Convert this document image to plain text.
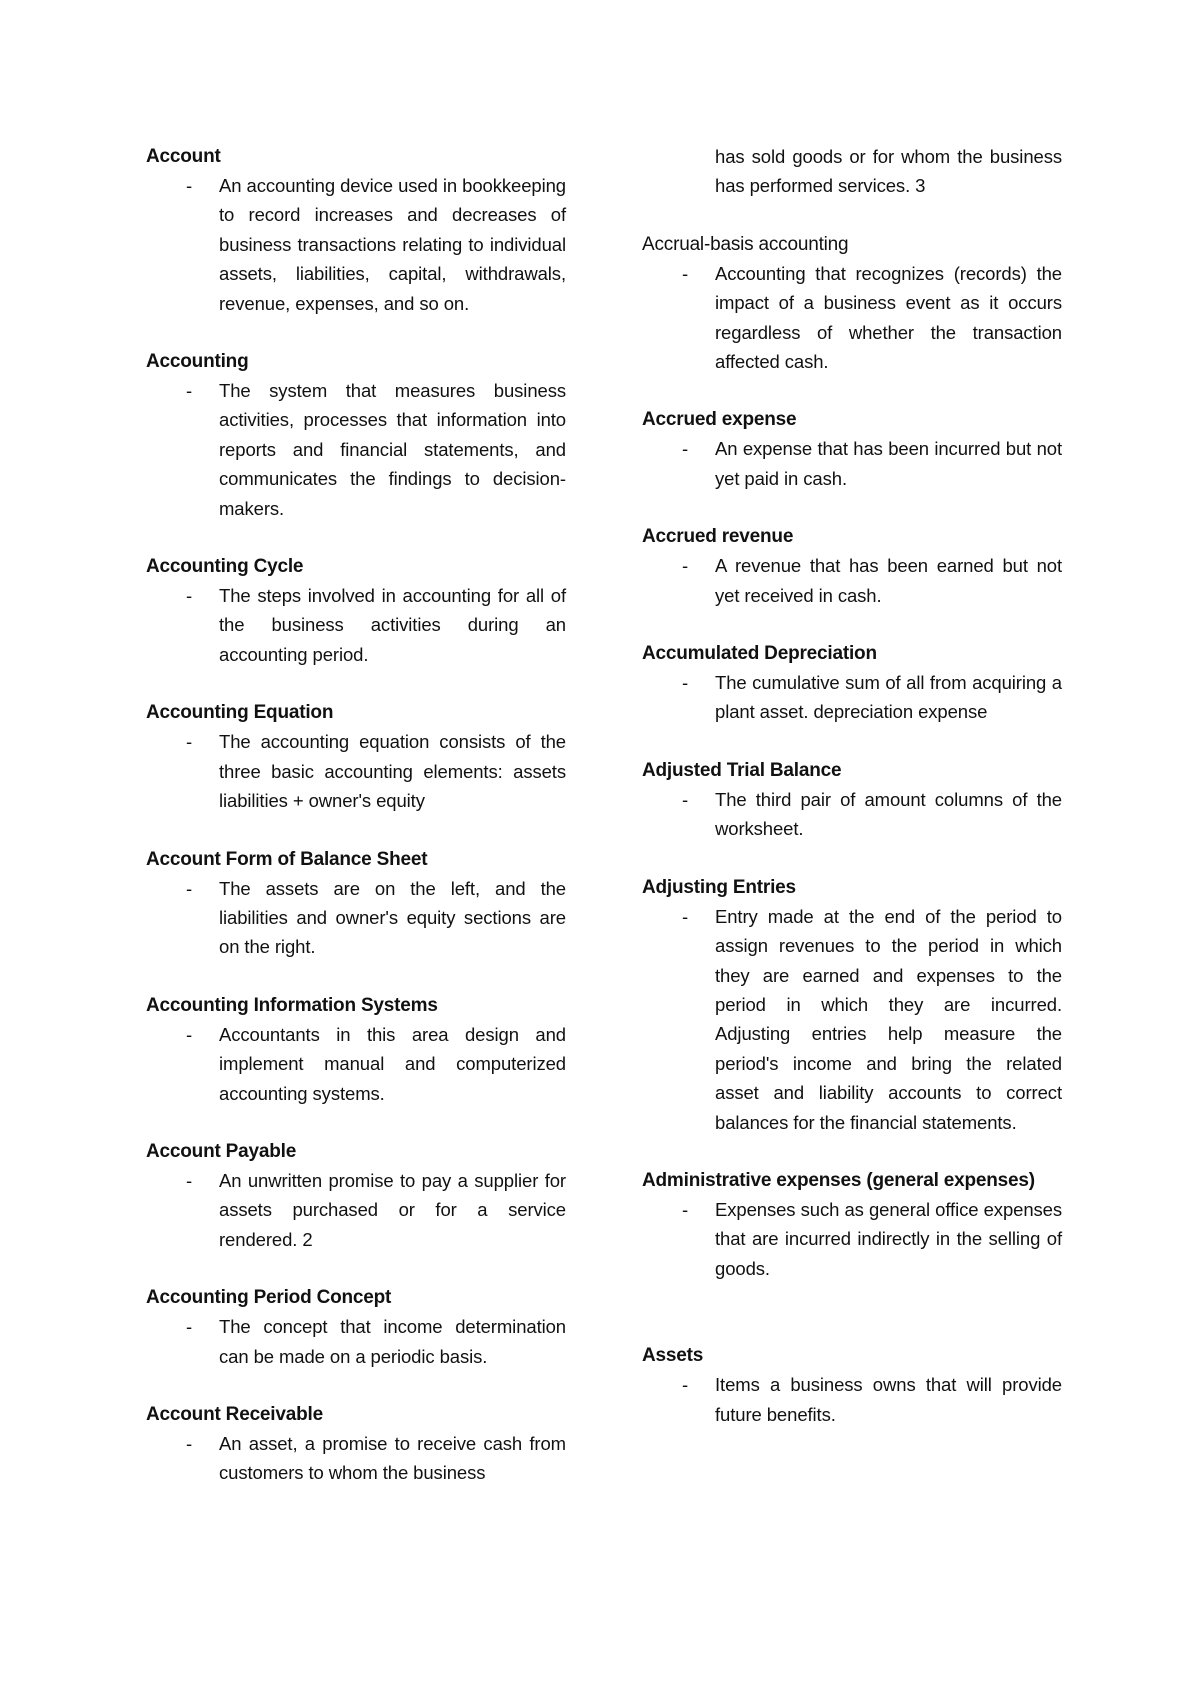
Account

- An accounting device used in bookkeeping to record increases and decreases of business transactions relating to individual assets, liabilities, capital, withdrawals, revenue, expenses, and so on.

Accounting

- The system that measures business activities, processes that information into reports and financial statements, and communicates the findings to decision-makers.

Accounting Cycle

- The steps involved in accounting for all of the business activities during an accounting period.

Accounting Equation

- The accounting equation consists of the three basic accounting elements: assets liabilities + owner's equity

Account Form of Balance Sheet

- The assets are on the left, and the liabilities and owner's equity sections are on the right.

Accounting Information Systems

- Accountants in this area design and implement manual and computerized accounting systems.

Account Payable

- An unwritten promise to pay a supplier for assets purchased or for a service rendered. 2

Accounting Period Concept

- The concept that income determination can be made on a periodic basis.

Account Receivable

- An asset, a promise to receive cash from customers to whom the business

has sold goods or for whom the business has performed services. 3

Accrual-basis accounting

- Accounting that recognizes (records) the impact of a business event as it occurs regardless of whether the transaction affected cash.

Accrued expense

- An expense that has been incurred but not yet paid in cash.

Accrued revenue

- A revenue that has been earned but not yet received in cash.

Accumulated Depreciation

- The cumulative sum of all from acquiring a plant asset. depreciation expense

Adjusted Trial Balance

- The third pair of amount columns of the worksheet.

Adjusting Entries

- Entry made at the end of the period to assign revenues to the period in which they are earned and expenses to the period in which they are incurred. Adjusting entries help measure the period's income and bring the related asset and liability accounts to correct balances for the financial statements.

Administrative expenses (general expenses)

- Expenses such as general office expenses that are incurred indirectly in the selling of goods.

Assets

- Items a business owns that will provide future benefits.
